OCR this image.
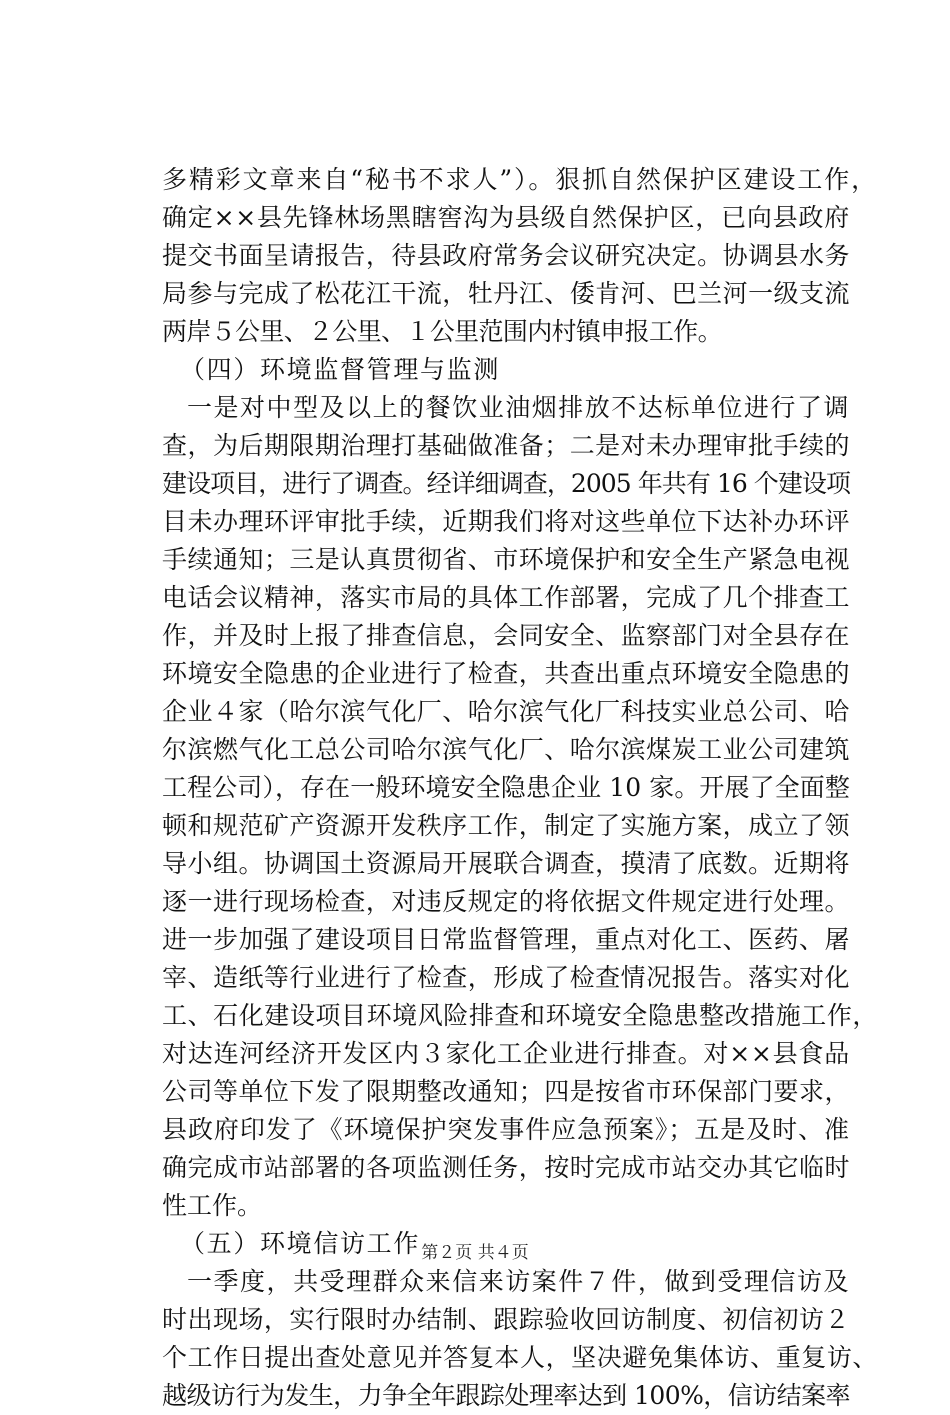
多精彩文章来自“秘书不求人”）。狠抓自然保护区建设工作，
确定××县先锋林场黑瞎窖沟为县级自然保护区，已向县政府
提交书面呈请报告，待县政府常务会议研究决定。协调县水务
局参与完成了松花江干流，牡丹江、倭肯河、巴兰河一级支流
两岸５公里、２公里、１公里范围内村镇申报工作。
（四）环境监督管理与监测
一是对中型及以上的餐饮业油烟排放不达标单位进行了调
查，为后期限期治理打基础做准备；二是对未办理审批手续的
建设项目，进行了调查。经详细调查，2005 年共有 16 个建设项
目未办理环评审批手续，近期我们将对这些单位下达补办环评
手续通知；三是认真贯彻省、市环境保护和安全生产紧急电视
电话会议精神，落实市局的具体工作部署，完成了几个排查工
作，并及时上报了排查信息，会同安全、监察部门对全县存在
环境安全隐患的企业进行了检查，共查出重点环境安全隐患的
企业４家（哈尔滨气化厂、哈尔滨气化厂科技实业总公司、哈
尔滨燃气化工总公司哈尔滨气化厂、哈尔滨煤炭工业公司建筑
工程公司），存在一般环境安全隐患企业 10 家。开展了全面整
顿和规范矿产资源开发秩序工作，制定了实施方案，成立了领
导小组。协调国土资源局开展联合调查，摸清了底数。近期将
逐一进行现场检查，对违反规定的将依据文件规定进行处理。
进一步加强了建设项目日常监督管理，重点对化工、医药、屠
宰、造纸等行业进行了检查，形成了检查情况报告。落实对化
工、石化建设项目环境风险排查和环境安全隐患整改措施工作，
对达连河经济开发区内３家化工企业进行排查。对××县食品
公司等单位下发了限期整改通知；四是按省市环保部门要求，
县政府印发了《环境保护突发事件应急预案》；五是及时、准
确完成市站部署的各项监测任务，按时完成市站交办其它临时
性工作。
（五）环境信访工作
一季度，共受理群众来信来访案件７件，做到受理信访及
时出现场，实行限时办结制、跟踪验收回访制度、初信初访２
个工作日提出查处意见并答复本人，坚决避免集体访、重复访、
越级访行为发生，力争全年跟踪处理率达到 100%，信访结案率
第２页 共４页
